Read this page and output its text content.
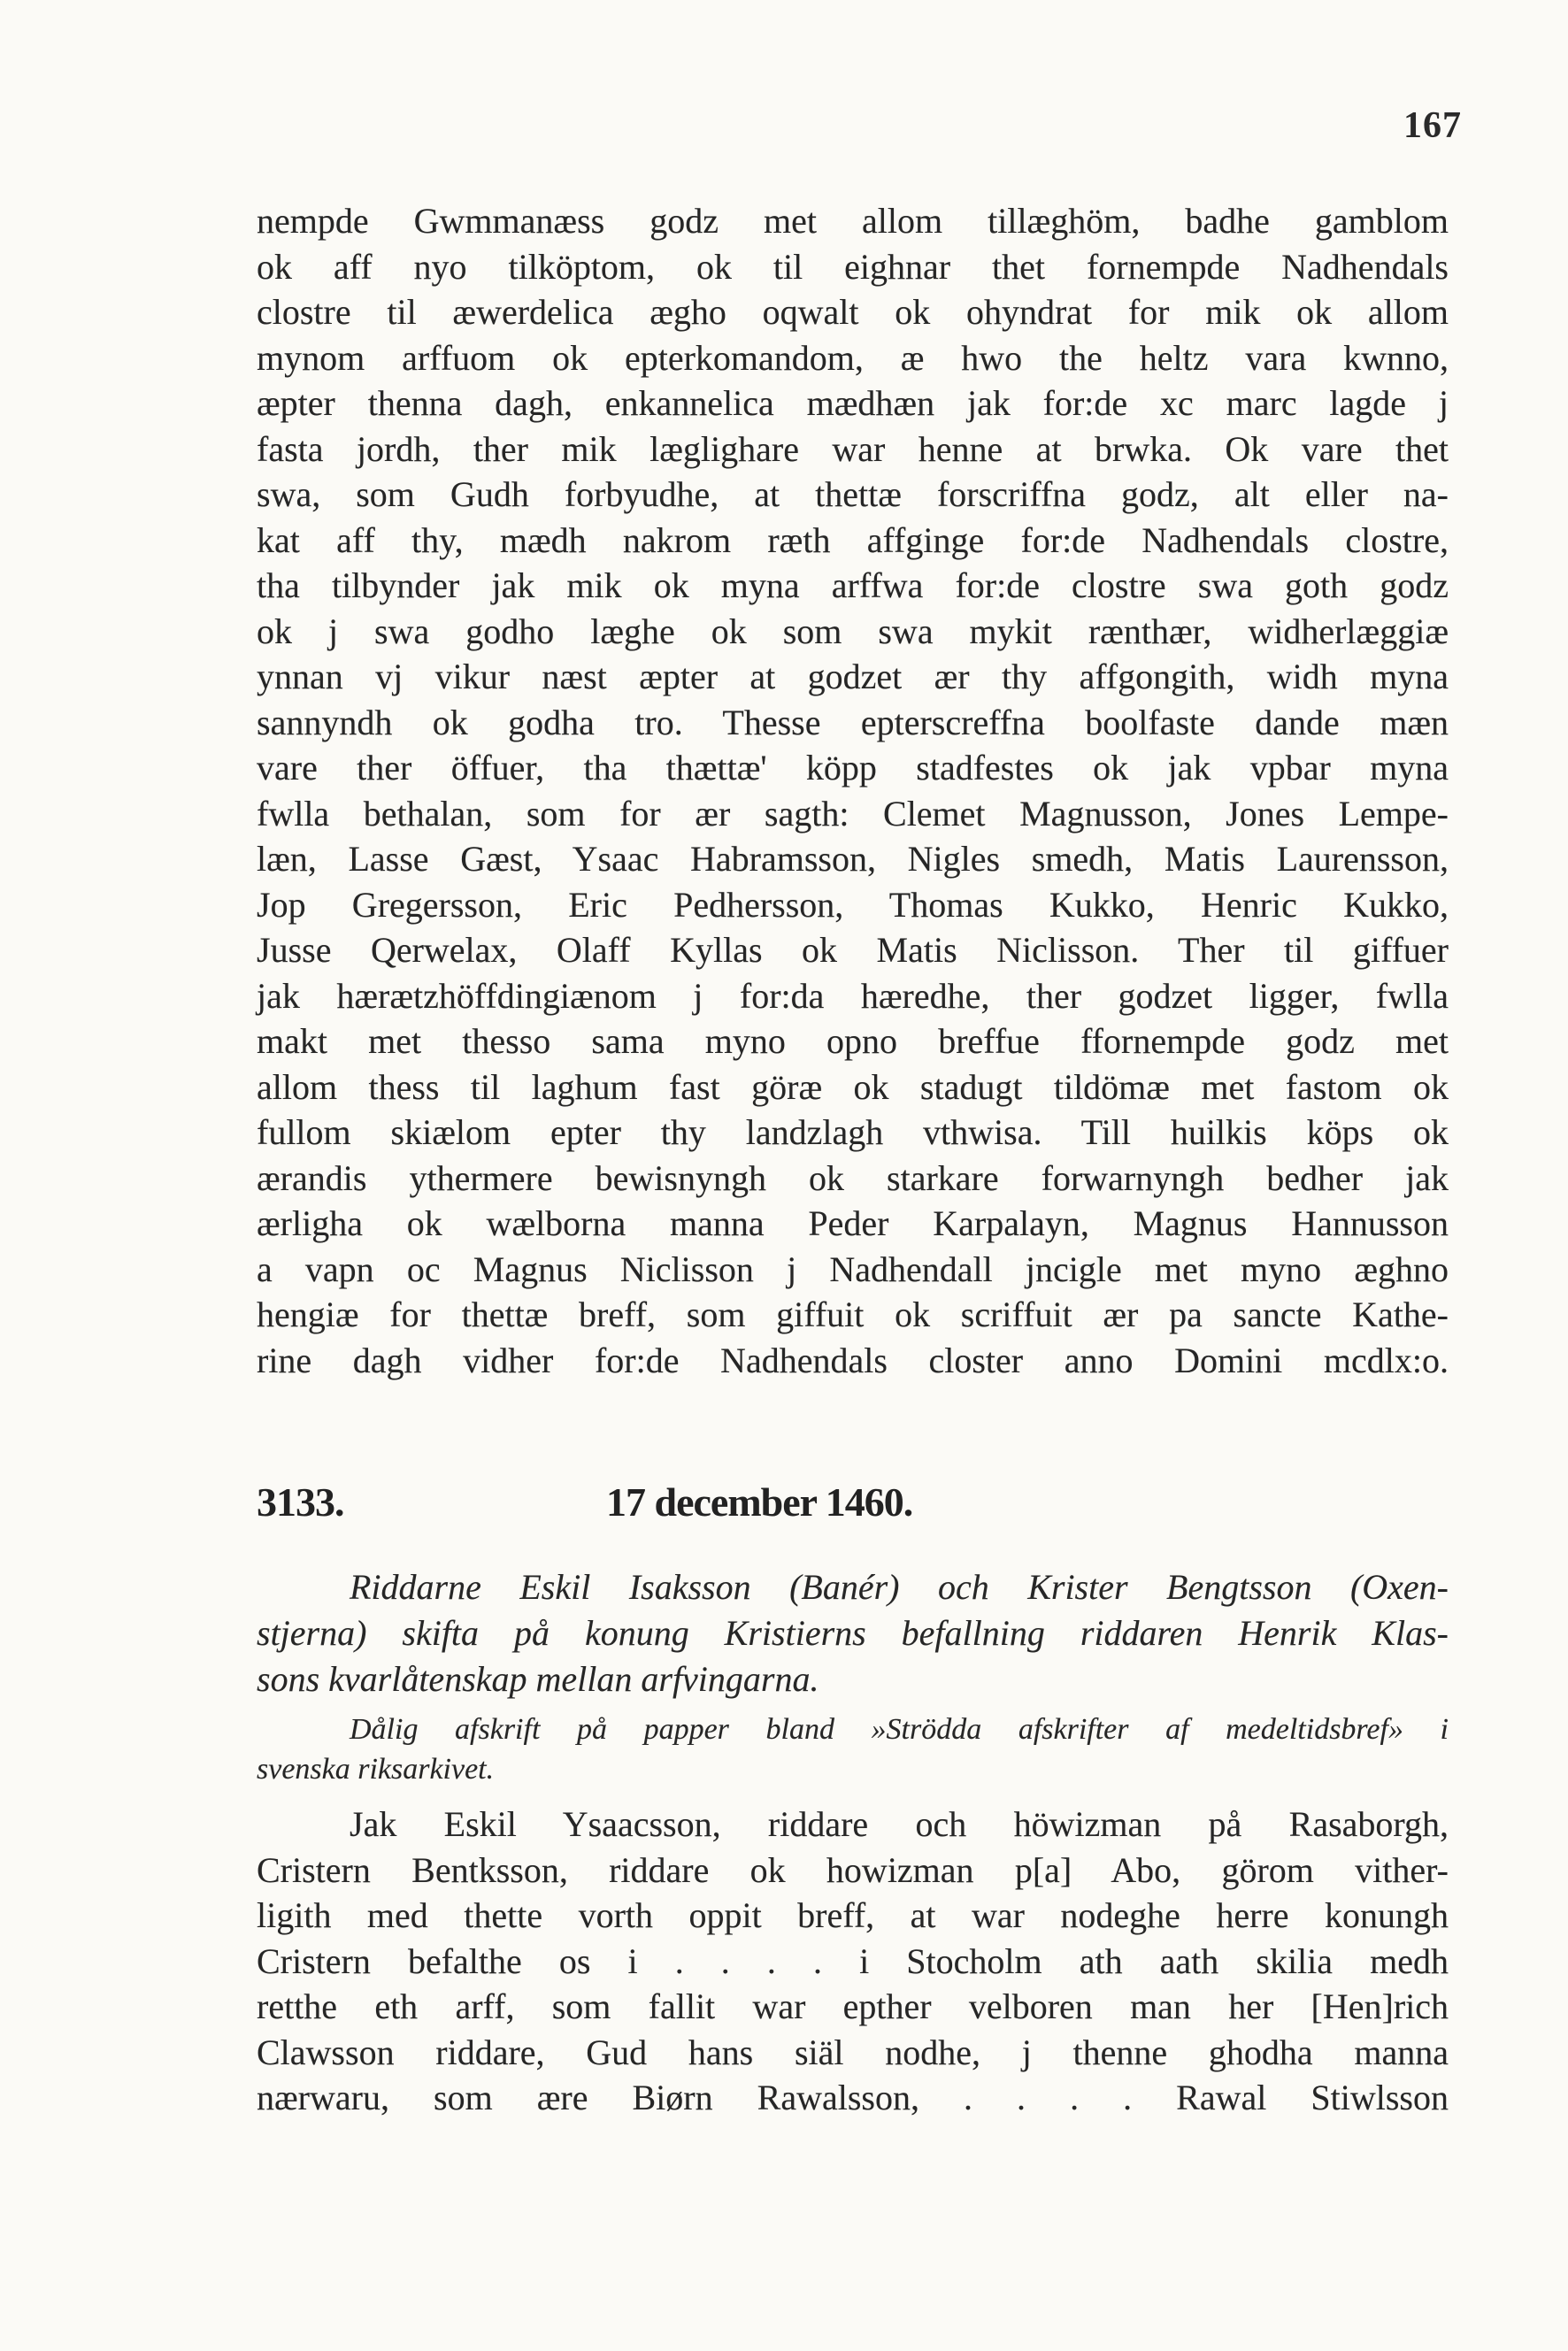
167
nempde Gwmmanæss godz met allom tillæghöm, badhe gamblom
ok aff nyo tilköptom, ok til eighnar thet fornempde Nadhendals
clostre til æwerdelica ægho oqwalt ok ohyndrat for mik ok allom
mynom arffuom ok epterkomandom, æ hwo the heltz vara kwnno,
æpter thenna dagh, enkannelica mædhæn jak for:de xc marc lagde j
fasta jordh, ther mik læglighare war henne at brwka. Ok vare thet
swa, som Gudh forbyudhe, at thettæ forscriffna godz, alt eller na-
kat aff thy, mædh nakrom ræth affginge for:de Nadhendals clostre,
tha tilbynder jak mik ok myna arffwa for:de clostre swa goth godz
ok j swa godho læghe ok som swa mykit rænthær, widherlæggiæ
ynnan vj vikur næst æpter at godzet ær thy affgongith, widh myna
sannyndh ok godha tro. Thesse epterscreffna boolfaste dande mæn
vare ther öffuer, tha thættæ' köpp stadfestes ok jak vpbar myna
fwlla bethalan, som for ær sagth: Clemet Magnusson, Jones Lempe-
læn, Lasse Gæst, Ysaac Habramsson, Nigles smedh, Matis Laurensson,
Jop Gregersson, Eric Pedhersson, Thomas Kukko, Henric Kukko,
Jusse Qerwelax, Olaff Kyllas ok Matis Niclisson. Ther til giffuer
jak hærætzhöffdingiænom j for:da hæredhe, ther godzet ligger, fwlla
makt met thesso sama myno opno breffue ffornempde godz met
allom thess til laghum fast göræ ok stadugt tildömæ met fastom ok
fullom skiælom epter thy landzlagh vthwisa. Till huilkis köps ok
ærandis ythermere bewisnyngh ok starkare forwarnyngh bedher jak
ærligha ok wælborna manna Peder Karpalayn, Magnus Hannusson
a vapn oc Magnus Niclisson j Nadhendall jncigle met myno æghno
hengiæ for thettæ breff, som giffuit ok scriffuit ær pa sancte Kathe-
rine dagh vidher for:de Nadhendals closter anno Domini mcdlx:o.
3133.	17 december 1460.
Riddarne Eskil Isaksson (Banér) och Krister Bengtsson (Oxen-
stjerna) skifta på konung Kristierns befallning riddaren Henrik Klas-
sons kvarlåtenskap mellan arfvingarna.
Dålig afskrift på papper bland »Strödda afskrifter af medeltidsbref» i
svenska riksarkivet.
Jak Eskil Ysaacsson, riddare och höwizman på Rasaborgh,
Cristern Bentksson, riddare ok howizman p[a] Abo, görom vither-
ligith med thette vorth oppit breff, at war nodeghe herre konungh
Cristern befalthe os i . . . . i Stocholm ath aath skilia medh
retthe eth arff, som fallit war epther velboren man her [Hen]rich
Clawsson riddare, Gud hans siäl nodhe, j thenne ghodha manna
nærwaru, som ære Biørn Rawalsson, . . . . Rawal Stiwlsson
